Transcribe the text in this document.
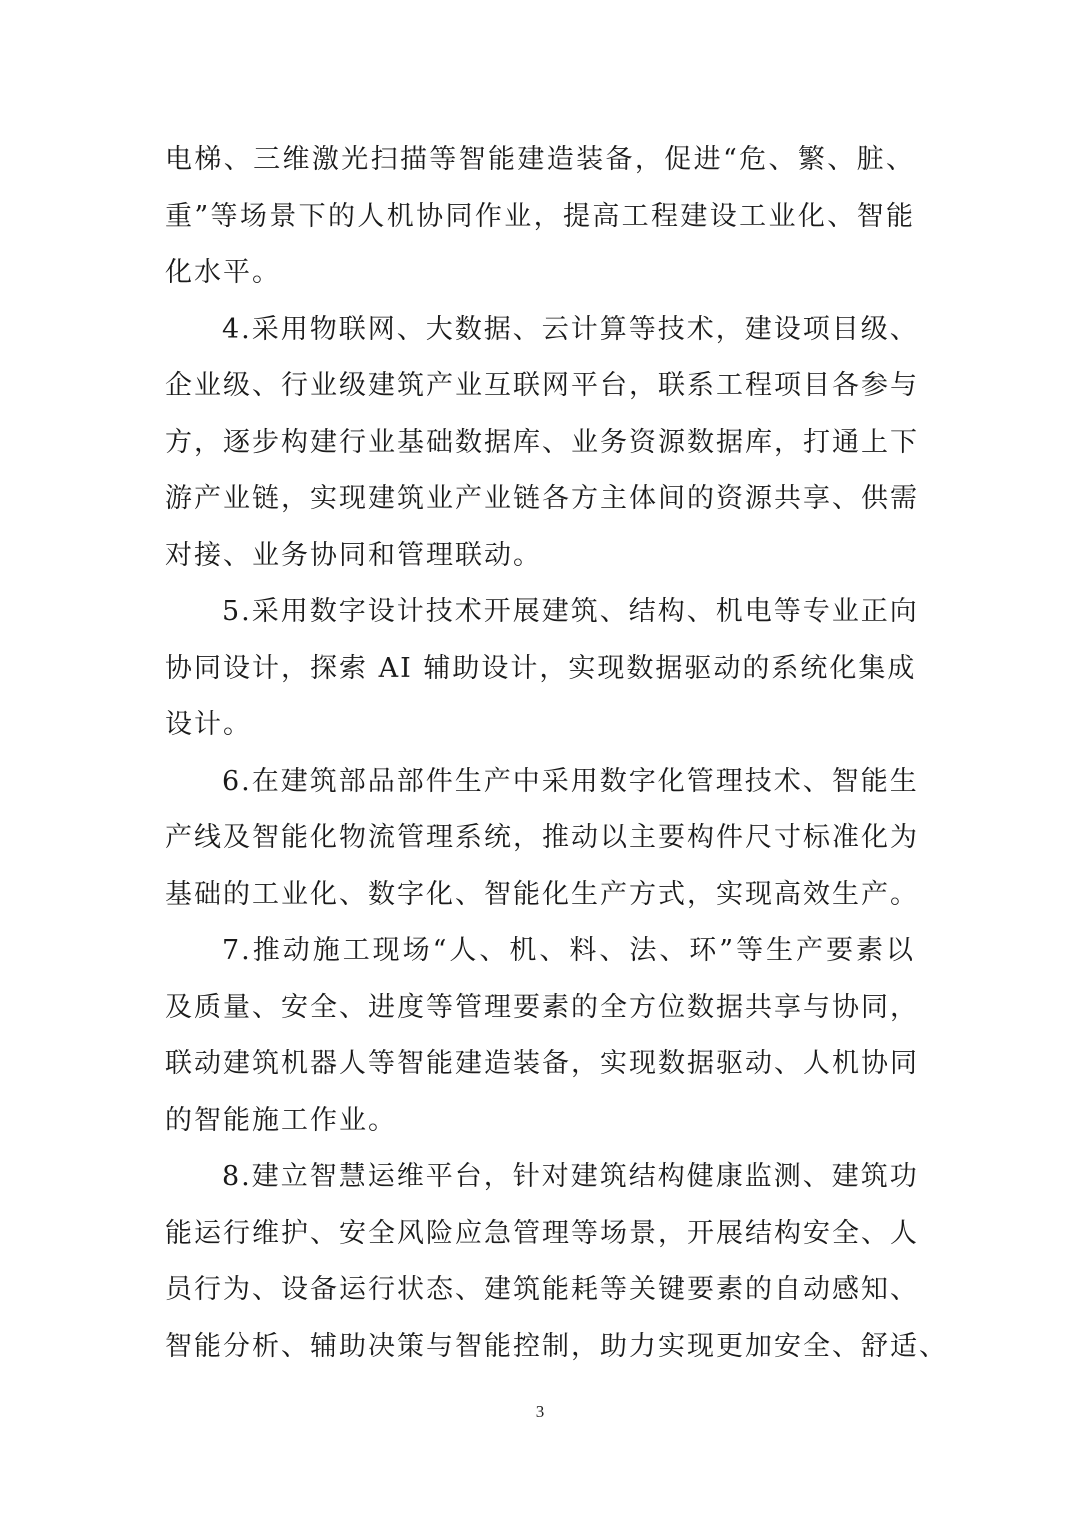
电梯、三维激光扫描等智能建造装备，促进“危、繁、脏、
重”等场景下的人机协同作业，提高工程建设工业化、智能
化水平。
4.采用物联网、大数据、云计算等技术，建设项目级、
企业级、行业级建筑产业互联网平台，联系工程项目各参与
方，逐步构建行业基础数据库、业务资源数据库，打通上下
游产业链，实现建筑业产业链各方主体间的资源共享、供需
对接、业务协同和管理联动。
5.采用数字设计技术开展建筑、结构、机电等专业正向
协同设计，探索 AI 辅助设计，实现数据驱动的系统化集成
设计。
6.在建筑部品部件生产中采用数字化管理技术、智能生
产线及智能化物流管理系统，推动以主要构件尺寸标准化为
基础的工业化、数字化、智能化生产方式，实现高效生产。
7.推动施工现场“人、机、料、法、环”等生产要素以
及质量、安全、进度等管理要素的全方位数据共享与协同，
联动建筑机器人等智能建造装备，实现数据驱动、人机协同
的智能施工作业。
8.建立智慧运维平台，针对建筑结构健康监测、建筑功
能运行维护、安全风险应急管理等场景，开展结构安全、人
员行为、设备运行状态、建筑能耗等关键要素的自动感知、
智能分析、辅助决策与智能控制，助力实现更加安全、舒适、
3
